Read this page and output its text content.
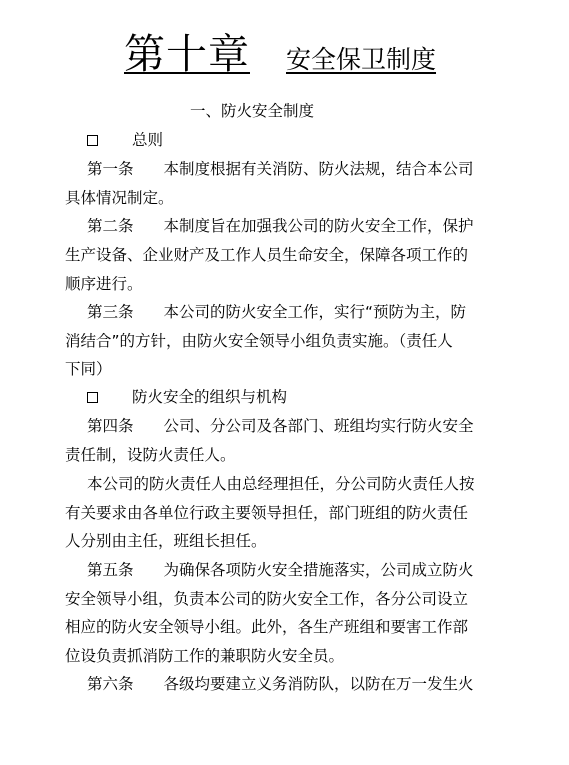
第十章 安全保卫制度
一、防火安全制度
总则
第一条 本制度根据有关消防、防火法规，结合本公司
具体情况制定。
第二条 本制度旨在加强我公司的防火安全工作，保护
生产设备、企业财产及工作人员生命安全，保障各项工作的
顺序进行。
第三条 本公司的防火安全工作，实行“预防为主，防
消结合”的方针，由防火安全领导小组负责实施。（责任人
下同）
防火安全的组织与机构
第四条 公司、分公司及各部门、班组均实行防火安全
责任制，设防火责任人。
本公司的防火责任人由总经理担任，分公司防火责任人按
有关要求由各单位行政主要领导担任，部门班组的防火责任
人分别由主任，班组长担任。
第五条 为确保各项防火安全措施落实，公司成立防火
安全领导小组，负责本公司的防火安全工作，各分公司设立
相应的防火安全领导小组。此外，各生产班组和要害工作部
位设负责抓消防工作的兼职防火安全员。
第六条 各级均要建立义务消防队，以防在万一发生火
